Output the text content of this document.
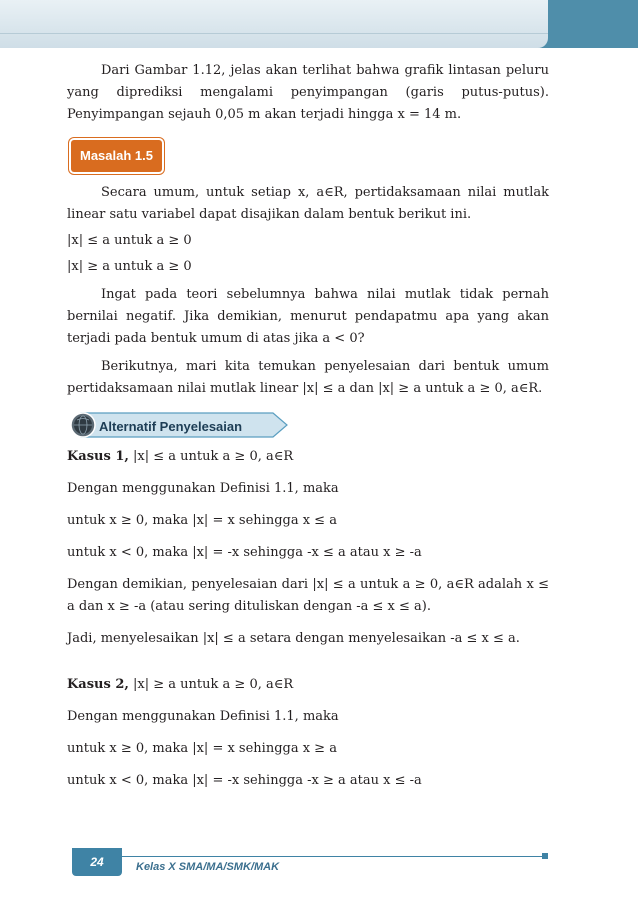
Dari Gambar 1.12, jelas akan terlihat bahwa grafik lintasan peluru yang diprediksi mengalami penyimpangan (garis putus-putus). Penyimpangan sejauh 0,05 m akan terjadi hingga x = 14 m.

Masalah 1.5

Secara umum, untuk setiap x, a∈R, pertidaksamaan nilai mutlak linear satu variabel dapat disajikan dalam bentuk berikut ini.

|x| ≤ a untuk a ≥ 0

|x| ≥ a untuk a ≥ 0

Ingat pada teori sebelumnya bahwa nilai mutlak tidak pernah bernilai negatif. Jika demikian, menurut pendapatmu apa yang akan terjadi pada bentuk umum di atas jika a < 0?

Berikutnya, mari kita temukan penyelesaian dari bentuk umum pertidaksamaan nilai mutlak linear |x| ≤ a dan |x| ≥ a untuk a ≥ 0, a∈R.

Alternatif Penyelesaian

Kasus 1, |x| ≤ a untuk a ≥ 0, a∈R

Dengan menggunakan Definisi 1.1, maka

untuk x ≥ 0, maka |x| = x sehingga x ≤ a

untuk x < 0, maka |x| = -x sehingga -x ≤ a atau x ≥ -a

Dengan demikian, penyelesaian dari |x| ≤ a untuk a ≥ 0, a∈R adalah x ≤ a dan x ≥ -a (atau sering dituliskan dengan -a ≤ x ≤ a).

Jadi, menyelesaikan |x| ≤ a setara dengan menyelesaikan -a ≤ x ≤ a.

Kasus 2, |x| ≥ a untuk a ≥ 0, a∈R

Dengan menggunakan Definisi 1.1, maka

untuk x ≥ 0, maka |x| = x sehingga x ≥ a

untuk x < 0, maka |x| = -x sehingga -x ≥ a atau x ≤ -a

24	Kelas X SMA/MA/SMK/MAK
